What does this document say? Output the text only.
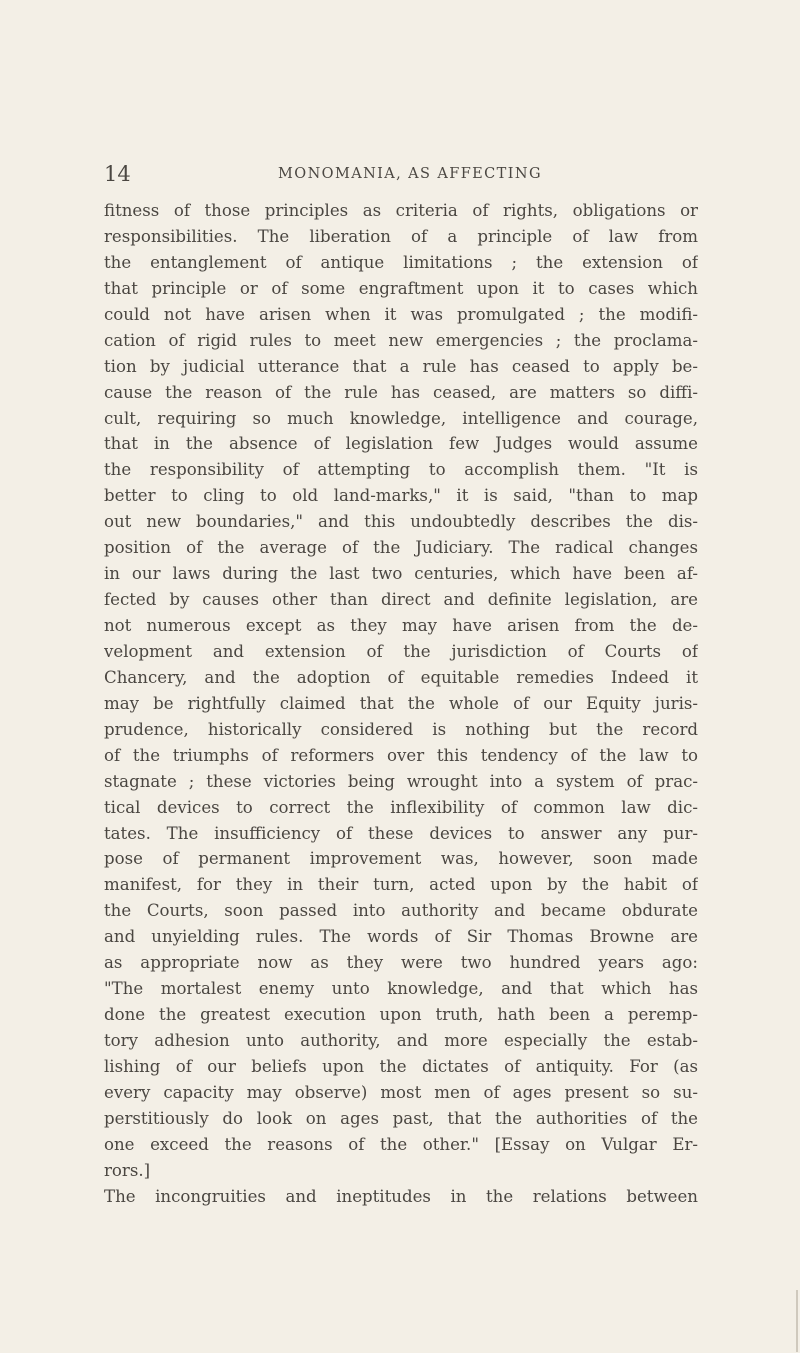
14	MONOMANIA, AS AFFECTING
fitness of those principles as criteria of rights, obligations or
responsibilities. The liberation of a principle of law from
the entanglement of antique limitations ; the extension of
that principle or of some engraftment upon it to cases which
could not have arisen when it was promulgated ; the modifi-
cation of rigid rules to meet new emergencies ; the proclama-
tion by judicial utterance that a rule has ceased to apply be-
cause the reason of the rule has ceased, are matters so diffi-
cult, requiring so much knowledge, intelligence and courage,
that in the absence of legislation few Judges would assume
the responsibility of attempting to accomplish them. "It is
better to cling to old land-marks," it is said, "than to map
out new boundaries," and this undoubtedly describes the dis-
position of the average of the Judiciary. The radical changes
in our laws during the last two centuries, which have been af-
fected by causes other than direct and definite legislation, are
not numerous except as they may have arisen from the de-
velopment and extension of the jurisdiction of Courts of
Chancery, and the adoption of equitable remedies Indeed it
may be rightfully claimed that the whole of our Equity juris-
prudence, historically considered is nothing but the record
of the triumphs of reformers over this tendency of the law to
stagnate ; these victories being wrought into a system of prac-
tical devices to correct the inflexibility of common law dic-
tates. The insufficiency of these devices to answer any pur-
pose of permanent improvement was, however, soon made
manifest, for they in their turn, acted upon by the habit of
the Courts, soon passed into authority and became obdurate
and unyielding rules. The words of Sir Thomas Browne are
as appropriate now as they were two hundred years ago:
"The mortalest enemy unto knowledge, and that which has
done the greatest execution upon truth, hath been a peremp-
tory adhesion unto authority, and more especially the estab-
lishing of our beliefs upon the dictates of antiquity. For (as
every capacity may observe) most men of ages present so su-
perstitiously do look on ages past, that the authorities of the
one exceed the reasons of the other." [Essay on Vulgar Er-
rors.]
The incongruities and ineptitudes in the relations between
